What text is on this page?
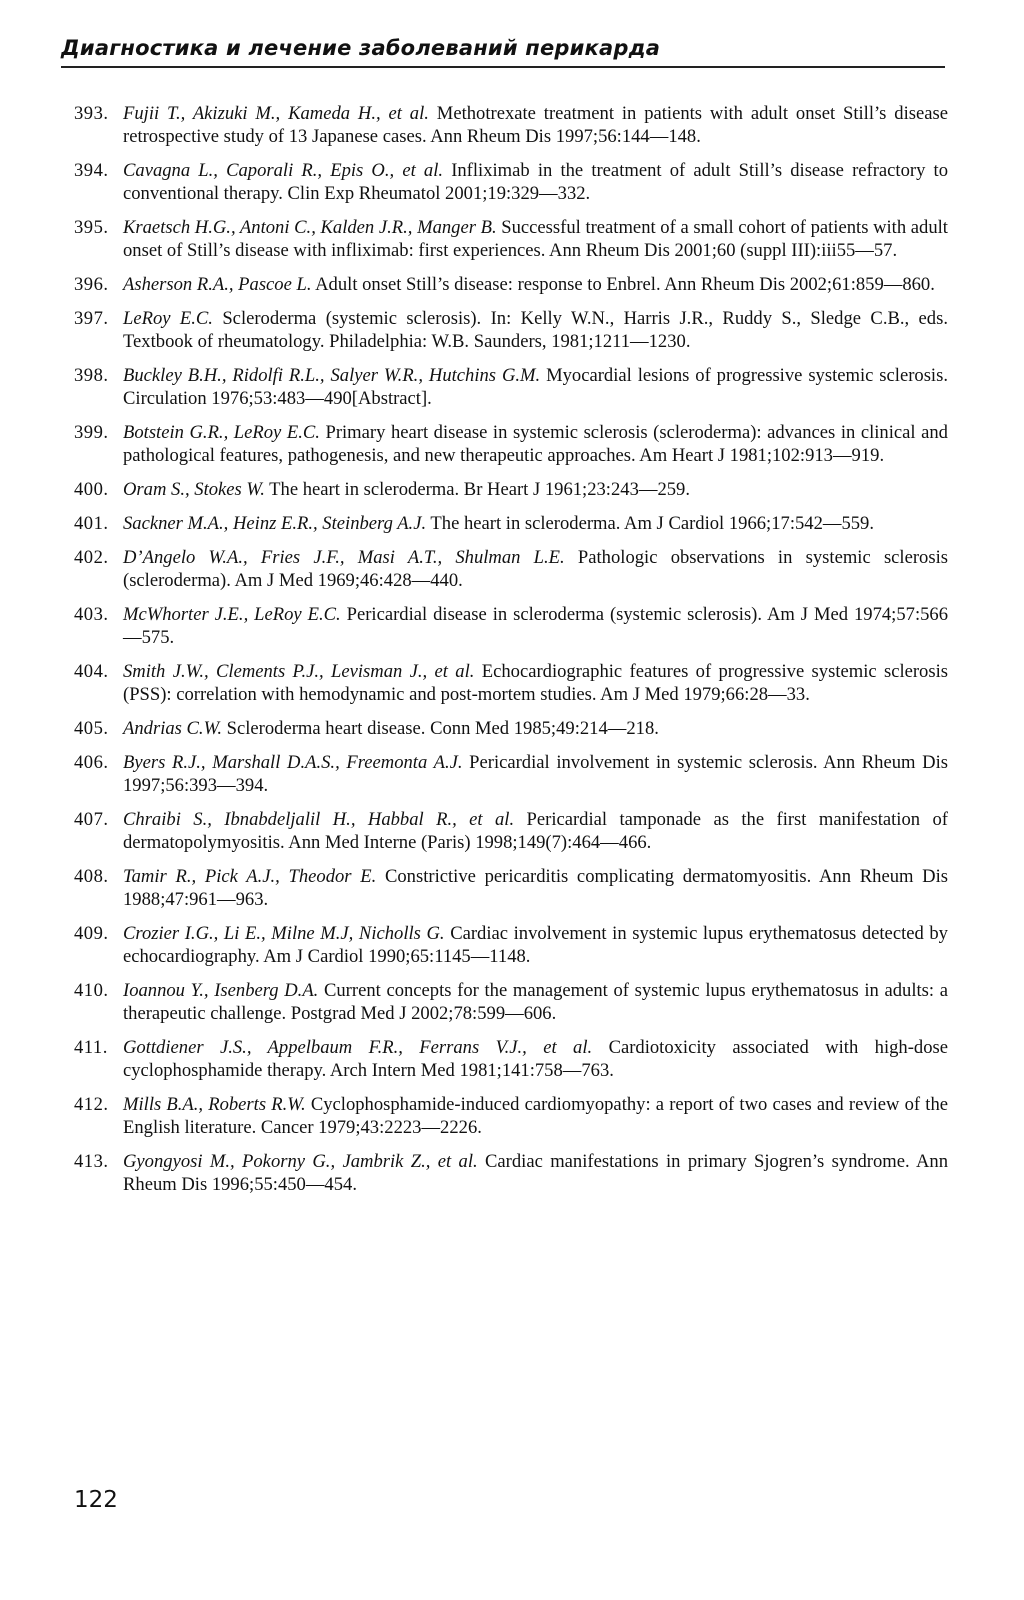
Диагностика и лечение заболеваний перикарда
393. Fujii T., Akizuki M., Kameda H., et al. Methotrexate treatment in patients with adult onset Still’s disease retrospective study of 13 Japanese cases. Ann Rheum Dis 1997;56:144—148.
394. Cavagna L., Caporali R., Epis O., et al. Infliximab in the treatment of adult Still’s disease refractory to conventional therapy. Clin Exp Rheumatol 2001;19:329—332.
395. Kraetsch H.G., Antoni C., Kalden J.R., Manger B. Successful treatment of a small cohort of patients with adult onset of Still’s disease with infliximab: first experiences. Ann Rheum Dis 2001;60 (suppl III):iii55—57.
396. Asherson R.A., Pascoe L. Adult onset Still’s disease: response to Enbrel. Ann Rheum Dis 2002;61:859—860.
397. LeRoy E.C. Scleroderma (systemic sclerosis). In: Kelly W.N., Harris J.R., Ruddy S., Sledge C.B., eds. Textbook of rheumatology. Philadelphia: W.B. Saunders, 1981;1211—1230.
398. Buckley B.H., Ridolfi R.L., Salyer W.R., Hutchins G.M. Myocardial lesions of progressive systemic sclerosis. Circulation 1976;53:483—490[Abstract].
399. Botstein G.R., LeRoy E.C. Primary heart disease in systemic sclerosis (scleroderma): advances in clinical and pathological features, pathogenesis, and new therapeutic approaches. Am Heart J 1981;102:913—919.
400. Oram S., Stokes W. The heart in scleroderma. Br Heart J 1961;23:243—259.
401. Sackner M.A., Heinz E.R., Steinberg A.J. The heart in scleroderma. Am J Cardiol 1966;17:542—559.
402. D’Angelo W.A., Fries J.F., Masi A.T., Shulman L.E. Pathologic observations in systemic sclerosis (scleroderma). Am J Med 1969;46:428—440.
403. McWhorter J.E., LeRoy E.C. Pericardial disease in scleroderma (systemic sclerosis). Am J Med 1974;57:566—575.
404. Smith J.W., Clements P.J., Levisman J., et al. Echocardiographic features of progressive systemic sclerosis (PSS): correlation with hemodynamic and post-mortem studies. Am J Med 1979;66:28—33.
405. Andrias C.W. Scleroderma heart disease. Conn Med 1985;49:214—218.
406. Byers R.J., Marshall D.A.S., Freemonta A.J. Pericardial involvement in systemic sclerosis. Ann Rheum Dis 1997;56:393—394.
407. Chraibi S., Ibnabdeljalil H., Habbal R., et al. Pericardial tamponade as the first manifestation of dermatopolymyositis. Ann Med Interne (Paris) 1998;149(7):464—466.
408. Tamir R., Pick A.J., Theodor E. Constrictive pericarditis complicating dermatomyositis. Ann Rheum Dis 1988;47:961—963.
409. Crozier I.G., Li E., Milne M.J, Nicholls G. Cardiac involvement in systemic lupus erythematosus detected by echocardiography. Am J Cardiol 1990;65:1145—1148.
410. Ioannou Y., Isenberg D.A. Current concepts for the management of systemic lupus erythematosus in adults: a therapeutic challenge. Postgrad Med J 2002;78:599—606.
411. Gottdiener J.S., Appelbaum F.R., Ferrans V.J., et al. Cardiotoxicity associated with high-dose cyclophosphamide therapy. Arch Intern Med 1981;141:758—763.
412. Mills B.A., Roberts R.W. Cyclophosphamide-induced cardiomyopathy: a report of two cases and review of the English literature. Cancer 1979;43:2223—2226.
413. Gyongyosi M., Pokorny G., Jambrik Z., et al. Cardiac manifestations in primary Sjogren’s syndrome. Ann Rheum Dis 1996;55:450—454.
122
